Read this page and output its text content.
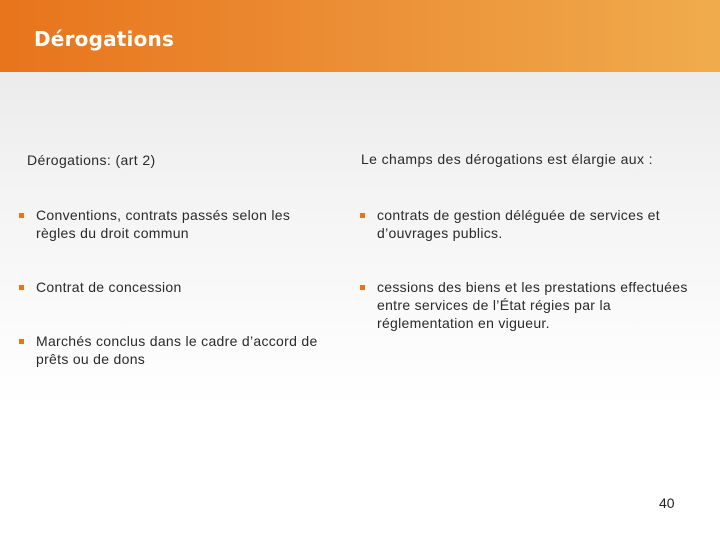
Dérogations
Dérogations: (art 2)	Le champs des dérogations est élargie aux :
Conventions, contrats passés selon les règles du droit commun
Contrat de concession
Marchés conclus dans le cadre d’accord de prêts ou de dons
contrats de gestion déléguée de services et d’ouvrages publics.
cessions des biens et les prestations effectuées entre services de l’État régies par la réglementation en vigueur.
40
